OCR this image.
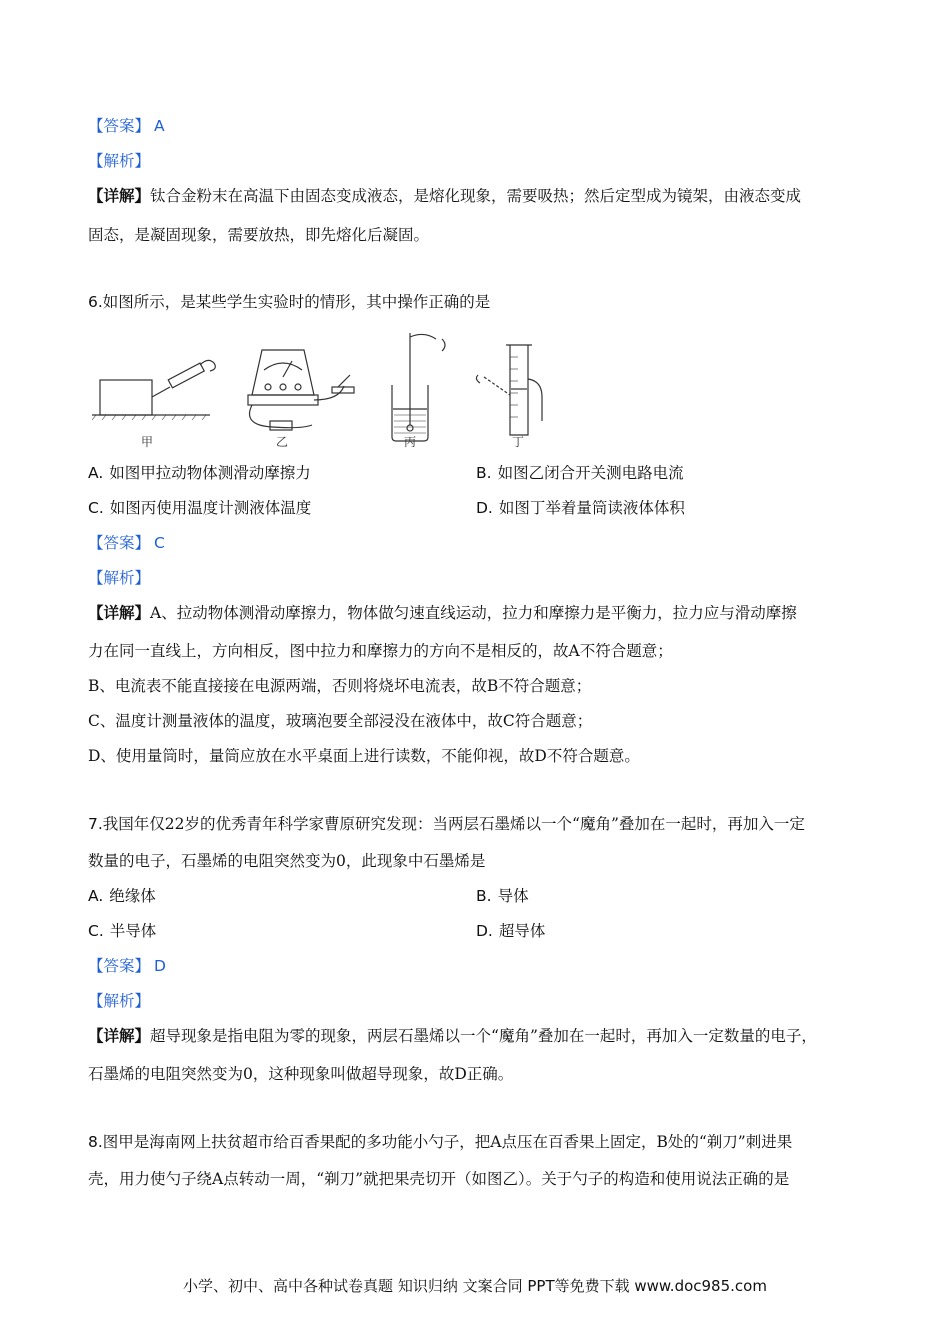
【答案】 A
【解析】
【详解】钛合金粉末在高温下由固态变成液态，是熔化现象，需要吸热；然后定型成为镜架，由液态变成
固态，是凝固现象，需要放热，即先熔化后凝固。
6.如图所示，是某些学生实验时的情形，其中操作正确的是
甲	乙	丙	丁
A. 如图甲拉动物体测滑动摩擦力	B. 如图乙闭合开关测电路电流
C. 如图丙使用温度计测液体温度	D. 如图丁举着量筒读液体体积
【答案】 C
【解析】
【详解】A、拉动物体测滑动摩擦力，物体做匀速直线运动，拉力和摩擦力是平衡力，拉力应与滑动摩擦
力在同一直线上，方向相反，图中拉力和摩擦力的方向不是相反的，故A不符合题意；
B、电流表不能直接接在电源两端，否则将烧坏电流表，故B不符合题意；
C、温度计测量液体的温度，玻璃泡要全部浸没在液体中，故C符合题意；
D、使用量筒时，量筒应放在水平桌面上进行读数，不能仰视，故D不符合题意。
7.我国年仅22岁的优秀青年科学家曹原研究发现：当两层石墨烯以一个“魔角”叠加在一起时，再加入一定
数量的电子，石墨烯的电阻突然变为0，此现象中石墨烯是
A. 绝缘体	B. 导体
C. 半导体	D. 超导体
【答案】 D
【解析】
【详解】超导现象是指电阻为零的现象，两层石墨烯以一个“魔角”叠加在一起时，再加入一定数量的电子，
石墨烯的电阻突然变为0，这种现象叫做超导现象，故D正确。
8.图甲是海南网上扶贫超市给百香果配的多功能小勺子，把A点压在百香果上固定，B处的“剃刀”刺进果
壳，用力使勺子绕A点转动一周，“剃刀”就把果壳切开（如图乙）。关于勺子的构造和使用说法正确的是
小学、初中、高中各种试卷真题 知识归纳 文案合同 PPT等免费下载 www.doc985.com
